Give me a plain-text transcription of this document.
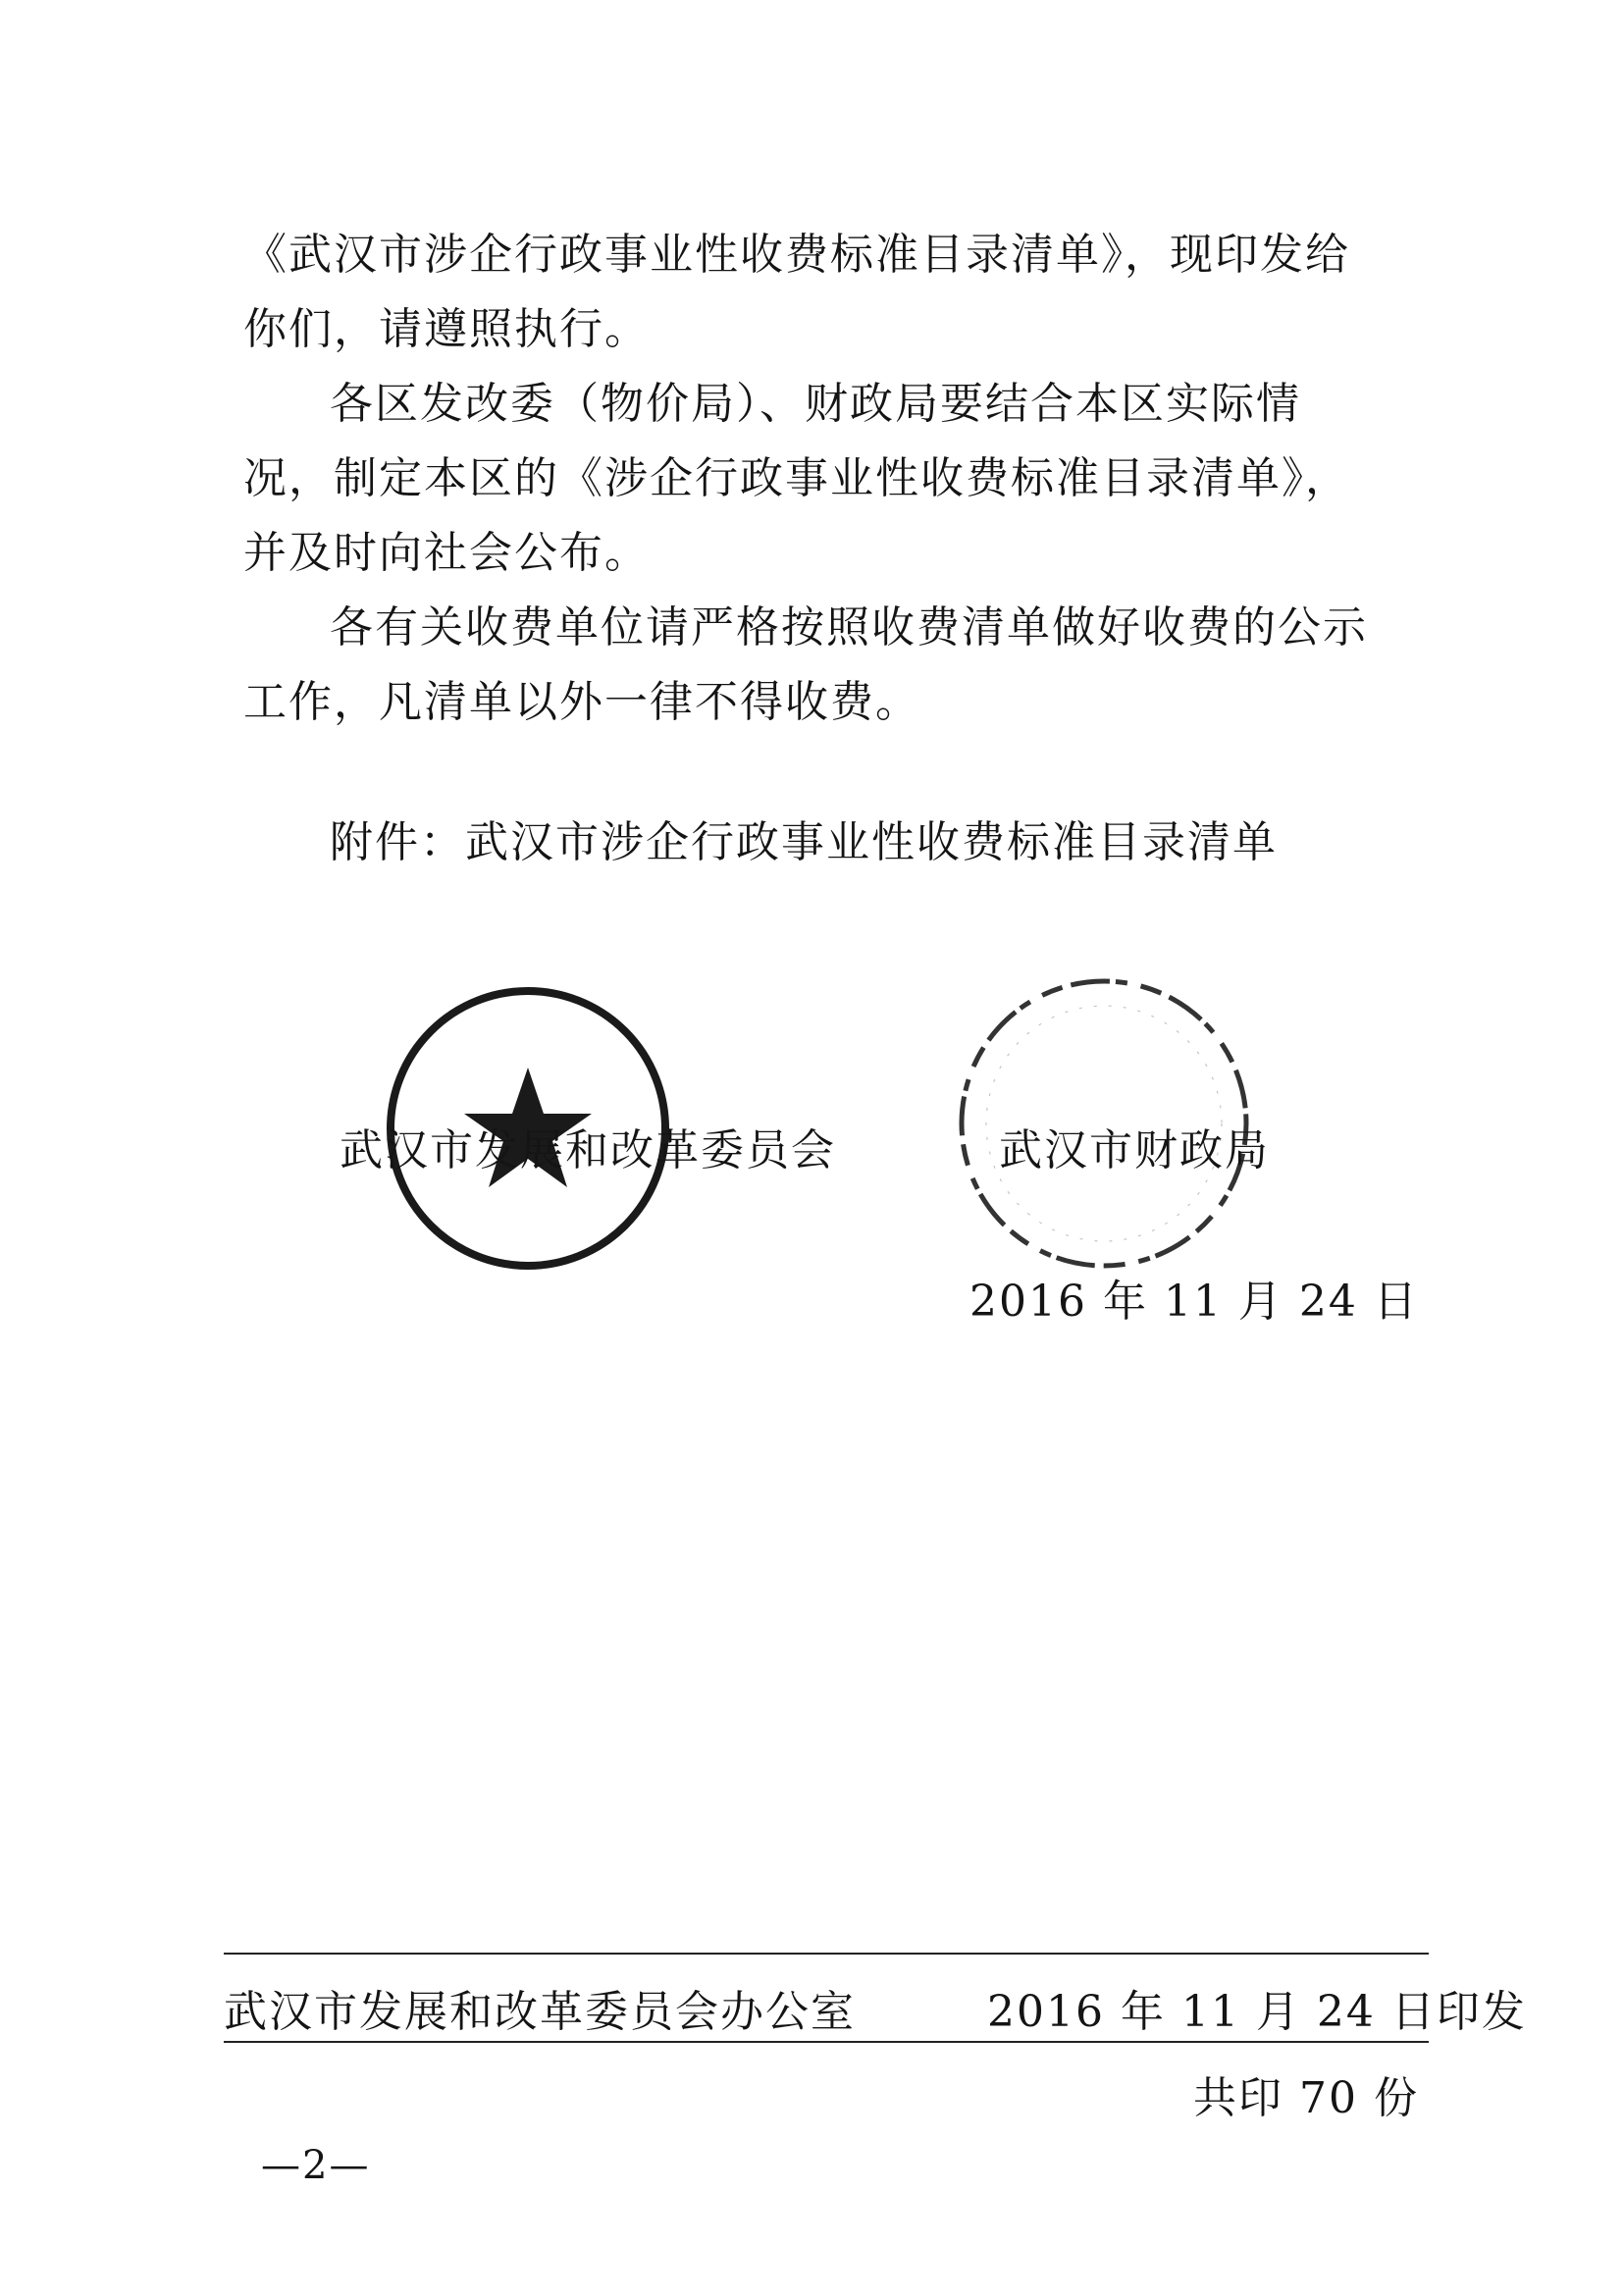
《武汉市涉企行政事业性收费标准目录清单》，现印发给你们，请遵照执行。

各区发改委（物价局）、财政局要结合本区实际情况，制定本区的《涉企行政事业性收费标准目录清单》，并及时向社会公布。

各有关收费单位请严格按照收费清单做好收费的公示工作，凡清单以外一律不得收费。

附件：武汉市涉企行政事业性收费标准目录清单
武汉市发展和改革委员会	武汉市财政局
2016 年 11 月 24 日
武汉市发展和改革委员会办公室	2016 年 11 月 24 日印发
共印 70 份
—2—
